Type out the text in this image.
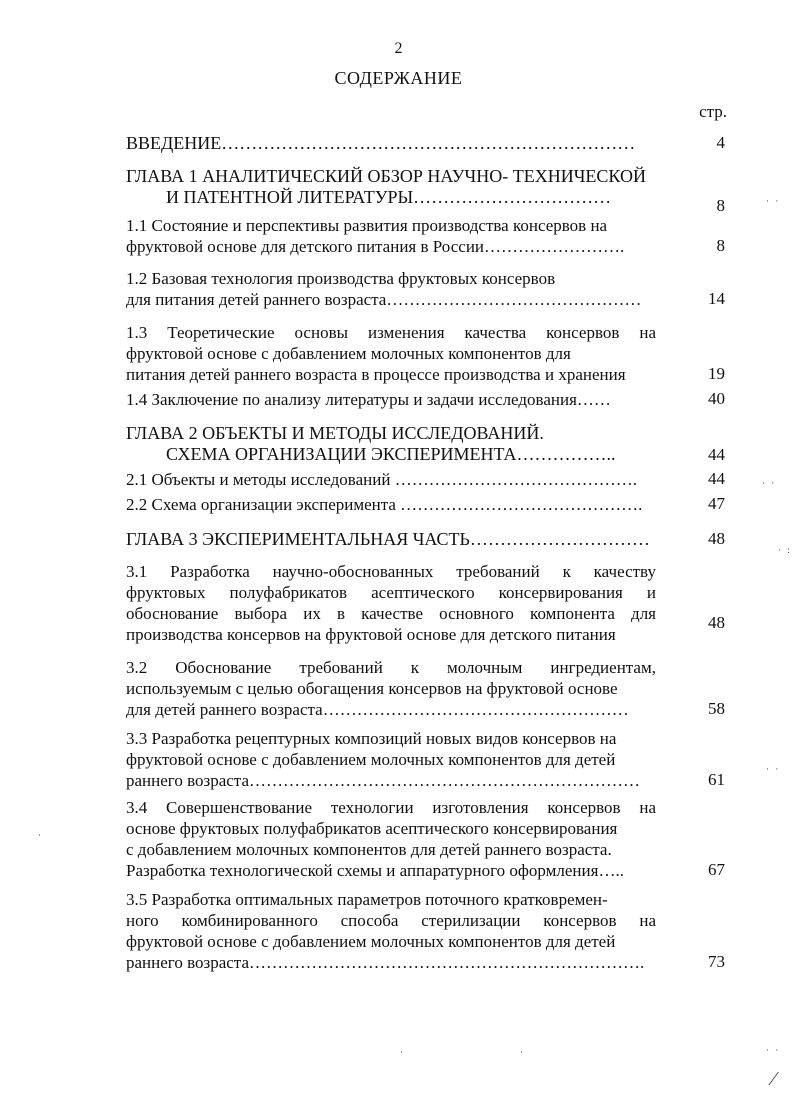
2
СОДЕРЖАНИЕ
стр.
ВВЕДЕНИЕ……………………………………………………………	4
ГЛАВА 1 АНАЛИТИЧЕСКИЙ ОБЗОР НАУЧНО- ТЕХНИЧЕСКОЙ
И ПАТЕНТНОЙ ЛИТЕРАТУРЫ……………………………	8
1.1 Состояние и перспективы развития производства консервов на
фруктовой основе для детского питания в России…………………….	8
1.2 Базовая технология производства фруктовых консервов
для питания детей раннего возраста………………………………………	14
1.3 Теоретические основы изменения качества консервов на
фруктовой основе с добавлением молочных компонентов для
питания детей раннего возраста в процессе производства и хранения	19
1.4 Заключение по анализу литературы и задачи исследования……	40
ГЛАВА 2 ОБЪЕКТЫ И МЕТОДЫ ИССЛЕДОВАНИЙ.
СХЕМА ОРГАНИЗАЦИИ ЭКСПЕРИМЕНТА……………..	44
2.1 Объекты и методы исследований …………………………………….	44
2.2 Схема организации эксперимента …………………………………….	47
ГЛАВА 3 ЭКСПЕРИМЕНТАЛЬНАЯ ЧАСТЬ…………………………	48
3.1 Разработка научно-обоснованных требований к качеству
фруктовых полуфабрикатов асептического консервирования и
обоснование выбора их в качестве основного компонента для
производства консервов на фруктовой основе для детского питания
48
3.2 Обоснование требований к молочным ингредиентам,
используемым с целью обогащения консервов на фруктовой основе
для детей раннего возраста………………………………………………	58
3.3 Разработка рецептурных композиций новых видов консервов на
фруктовой основе с добавлением молочных компонентов для детей
раннего возраста……………………………………………………………	61
3.4 Совершенствование технологии изготовления консервов на
основе фруктовых полуфабрикатов асептического консервирования
с добавлением молочных компонентов для детей раннего возраста.
Разработка технологической схемы и аппаратурного оформления…..	67
3.5 Разработка оптимальных параметров поточного кратковремен-
ного комбинированного способа стерилизации консервов на
фруктовой основе с добавлением молочных компонентов для детей
раннего возраста…………………………………………………………….	73
· ·
· ·
· :
· ·
· ·
·	·
·
⁄
